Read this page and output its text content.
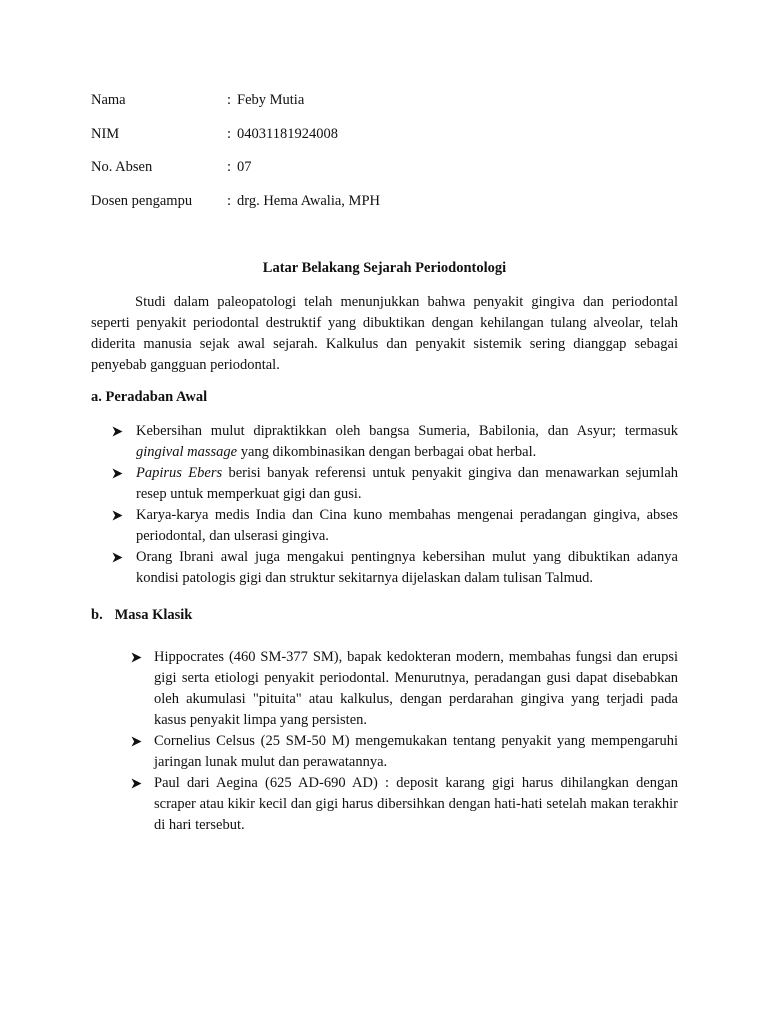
Nama	: Feby Mutia
NIM	: 04031181924008
No. Absen	: 07
Dosen pengampu : drg. Hema Awalia, MPH
Latar Belakang Sejarah Periodontologi

Studi dalam paleopatologi telah menunjukkan bahwa penyakit gingiva dan periodontal seperti penyakit periodontal destruktif yang dibuktikan dengan kehilangan tulang alveolar, telah diderita manusia sejak awal sejarah. Kalkulus dan penyakit sistemik sering dianggap sebagai penyebab gangguan periodontal.

a. Peradaban Awal
Kebersihan mulut dipraktikkan oleh bangsa Sumeria, Babilonia, dan Asyur; termasuk gingival massage yang dikombinasikan dengan berbagai obat herbal.
Papirus Ebers berisi banyak referensi untuk penyakit gingiva dan menawarkan sejumlah resep untuk memperkuat gigi dan gusi.
Karya-karya medis India dan Cina kuno membahas mengenai peradangan gingiva, abses periodontal, dan ulserasi gingiva.
Orang Ibrani awal juga mengakui pentingnya kebersihan mulut yang dibuktikan adanya kondisi patologis gigi dan struktur sekitarnya dijelaskan dalam tulisan Talmud.
b. Masa Klasik
Hippocrates (460 SM-377 SM), bapak kedokteran modern, membahas fungsi dan erupsi gigi serta etiologi penyakit periodontal. Menurutnya, peradangan gusi dapat disebabkan oleh akumulasi "pituita" atau kalkulus, dengan perdarahan gingiva yang terjadi pada kasus penyakit limpa yang persisten.
Cornelius Celsus (25 SM-50 M) mengemukakan tentang penyakit yang mempengaruhi jaringan lunak mulut dan perawatannya.
Paul dari Aegina (625 AD-690 AD) : deposit karang gigi harus dihilangkan dengan scraper atau kikir kecil dan gigi harus dibersihkan dengan hati-hati setelah makan terakhir di hari tersebut.
